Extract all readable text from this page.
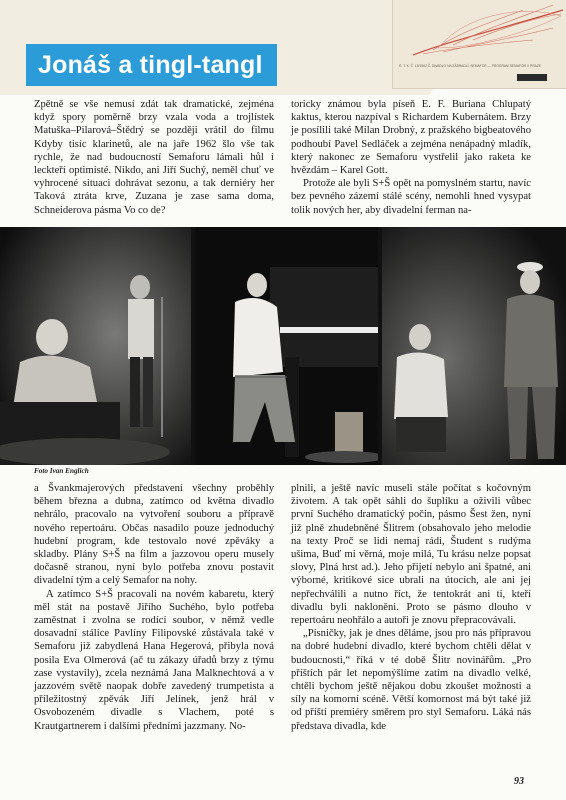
R. T. K. Č. 15/1962 Č. DIVADLO NA ZÁBRADLÍ, SEMAFOR — PROGRAM SEMAFOR V PRAZE
Jonáš a tingl-tangl

Zpětně se vše nemusí zdát tak dramatické, zejména když spory poměrně brzy vzala voda a trojlístek Matuška–Pilarová–Štědrý se později vrátil do filmu Kdyby tisíc klarinetů, ale na jaře 1962 šlo vše tak rychle, že nad budoucností Semaforu lámali hůl i leckteří optimisté. Nikdo, ani Jiří Suchý, neměl chuť ve vyhrocené situaci dohrávat sezonu, a tak derniéry her Taková ztráta krve, Zuzana je zase sama doma, Schneiderova pásma Vo co de?

toricky známou byla píseň E. F. Buriana Chlupatý kaktus, kterou nazpíval s Richardem Kubernátem. Brzy je posílili také Milan Drobný, z pražského bigbeatového podhoubí Pavel Sedláček a zejména nenápadný mladík, který nakonec ze Semaforu vystřelil jako raketa ke hvězdám – Karel Gott.

Protože ale byli S+Š opět na pomyslném startu, navíc bez pevného zázemí stálé scény, nemohli hned vysypat tolik nových her, aby divadelní ferman na-

Foto Ivan Englich

a Švankmajerových představení všechny proběhly během března a dubna, zatímco od května divadlo nehrálo, pracovalo na vytvoření souboru a přípravě nového repertoáru. Občas nasadilo pouze jednoduchý hudební program, kde testovalo nové zpěváky a skladby. Plány S+Š na film a jazzovou operu musely dočasně stranou, nyní bylo potřeba znovu postavit divadelní tým a celý Semafor na nohy.

A zatímco S+Š pracovali na novém kabaretu, který měl stát na postavě Jiřího Suchého, bylo potřeba zaměstnat i zvolna se rodící soubor, v němž vedle dosavadní stálice Pavlíny Filipovské zůstávala také v Semaforu již zabydlená Hana Hegerová, přibyla nová posila Eva Olmerová (ač tu zákazy úřadů brzy z týmu zase vystavily), zcela neznámá Jana Malknechtová a v jazzovém světě naopak dobře zavedený trumpetista a příležitostný zpěvák Jiří Jelínek, jenž hrál v Osvobozeném divadle s Vlachem, poté s Krautgartnerem i dalšími předními jazzmany. No-

plnili, a ještě navíc museli stále počítat s kočovným životem. A tak opět sáhli do šuplíku a oživili vůbec první Suchého dramatický počin, pásmo Šest žen, nyní již plně zhudebněné Šlitrem (obsahovalo jeho melodie na texty Proč se lidi nemaj rádi, Študent s rudýma ušima, Buď mi věrná, moje milá, Tu krásu nelze popsat slovy, Plná hrst ad.). Jeho přijetí nebylo ani špatné, ani výborné, kritikové sice ubrali na útocích, ale ani jej nepřechválili a nutno říct, že tentokrát ani ti, kteří divadlu byli nakloněni. Proto se pásmo dlouho v repertoáru neohřálo a autoři je znovu přepracovávali.

„Písničky, jak je dnes děláme, jsou pro nás přípravou na dobré hudební divadlo, které bychom chtěli dělat v budoucnosti,“ říká v té době Šlitr novinářům. „Pro příštích pár let nepomýšlíme zatím na divadlo velké, chtěli bychom ještě nějakou dobu zkoušet možnosti a síly na komorní scéně. Větší komornost má být také již od příští premiéry směrem pro styl Semaforu. Láká nás představa divadla, kde

93
